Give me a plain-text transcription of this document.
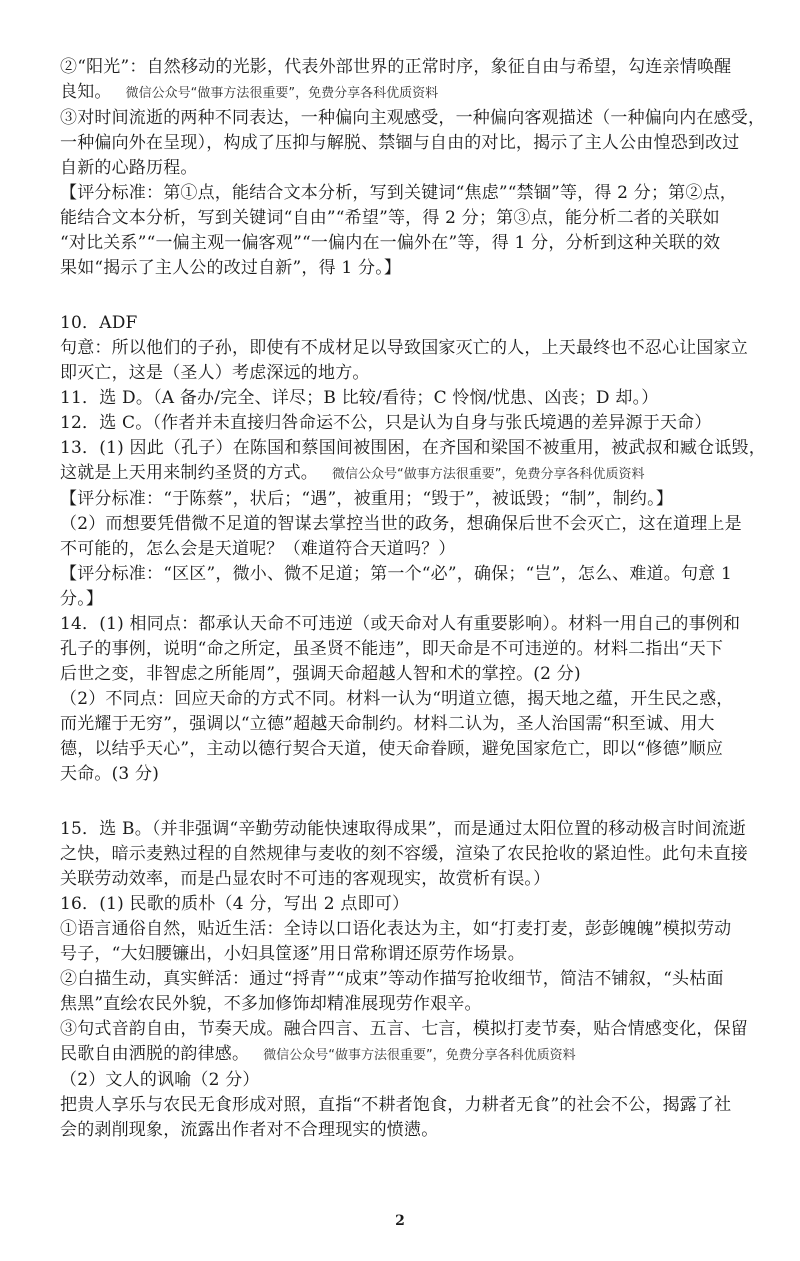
②“阳光”：自然移动的光影，代表外部世界的正常时序，象征自由与希望，勾连亲情唤醒
良知。 微信公众号“做事方法很重要”，免费分享各科优质资料
③对时间流逝的两种不同表达，一种偏向主观感受，一种偏向客观描述（一种偏向内在感受，
一种偏向外在呈现），构成了压抑与解脱、禁锢与自由的对比，揭示了主人公由惶恐到改过
自新的心路历程。
【评分标准：第①点，能结合文本分析，写到关键词“焦虑”“禁锢”等，得 2 分；第②点，
能结合文本分析，写到关键词“自由”“希望”等，得 2 分；第③点，能分析二者的关联如
“对比关系”“一偏主观一偏客观”“一偏内在一偏外在”等，得 1 分，分析到这种关联的效
果如“揭示了主人公的改过自新”，得 1 分。】
10．ADF
句意：所以他们的子孙，即使有不成材足以导致国家灭亡的人，上天最终也不忍心让国家立
即灭亡，这是（圣人）考虑深远的地方。
11．选 D。（A 备办/完全、详尽；B 比较/看待；C 怜悯/忧患、凶丧；D 却。）
12．选 C。（作者并未直接归咎命运不公，只是认为自身与张氏境遇的差异源于天命）
13．(1) 因此（孔子）在陈国和蔡国间被围困，在齐国和梁国不被重用，被武叔和臧仓诋毁，
这就是上天用来制约圣贤的方式。 微信公众号“做事方法很重要”，免费分享各科优质资料
【评分标准：“于陈蔡”，状后；“遇”，被重用；“毁于”，被诋毁；“制”，制约。】
（2）而想要凭借微不足道的智谋去掌控当世的政务，想确保后世不会灭亡，这在道理上是
不可能的，怎么会是天道呢？（难道符合天道吗？）
【评分标准：“区区”，微小、微不足道；第一个“必”，确保；“岂”，怎么、难道。句意 1
分。】
14．(1) 相同点：都承认天命不可违逆（或天命对人有重要影响）。材料一用自己的事例和
孔子的事例，说明“命之所定，虽圣贤不能违”，即天命是不可违逆的。材料二指出“天下
后世之变，非智虑之所能周”，强调天命超越人智和术的掌控。(2 分)
（2）不同点：回应天命的方式不同。材料一认为“明道立德，揭天地之蕴，开生民之惑，
而光耀于无穷”，强调以“立德”超越天命制约。材料二认为，圣人治国需“积至诚、用大
德，以结乎天心”，主动以德行契合天道，使天命眷顾，避免国家危亡，即以“修德”顺应
天命。(3 分)
15．选 B。（并非强调“辛勤劳动能快速取得成果”，而是通过太阳位置的移动极言时间流逝
之快，暗示麦熟过程的自然规律与麦收的刻不容缓，渲染了农民抢收的紧迫性。此句未直接
关联劳动效率，而是凸显农时不可违的客观现实，故赏析有误。）
16．(1) 民歌的质朴（4 分，写出 2 点即可）
①语言通俗自然，贴近生活：全诗以口语化表达为主，如“打麦打麦，彭彭魄魄”模拟劳动
号子，“大妇腰镰出，小妇具筐逐”用日常称谓还原劳作场景。
②白描生动，真实鲜活：通过“捋青”“成束”等动作描写抢收细节，简洁不铺叙，“头枯面
焦黑”直绘农民外貌，不多加修饰却精准展现劳作艰辛。
③句式音韵自由，节奏天成。融合四言、五言、七言，模拟打麦节奏，贴合情感变化，保留
民歌自由洒脱的韵律感。 微信公众号“做事方法很重要”，免费分享各科优质资料
（2）文人的讽喻（2 分）
把贵人享乐与农民无食形成对照，直指“不耕者饱食，力耕者无食”的社会不公，揭露了社
会的剥削现象，流露出作者对不合理现实的愤懑。
2
